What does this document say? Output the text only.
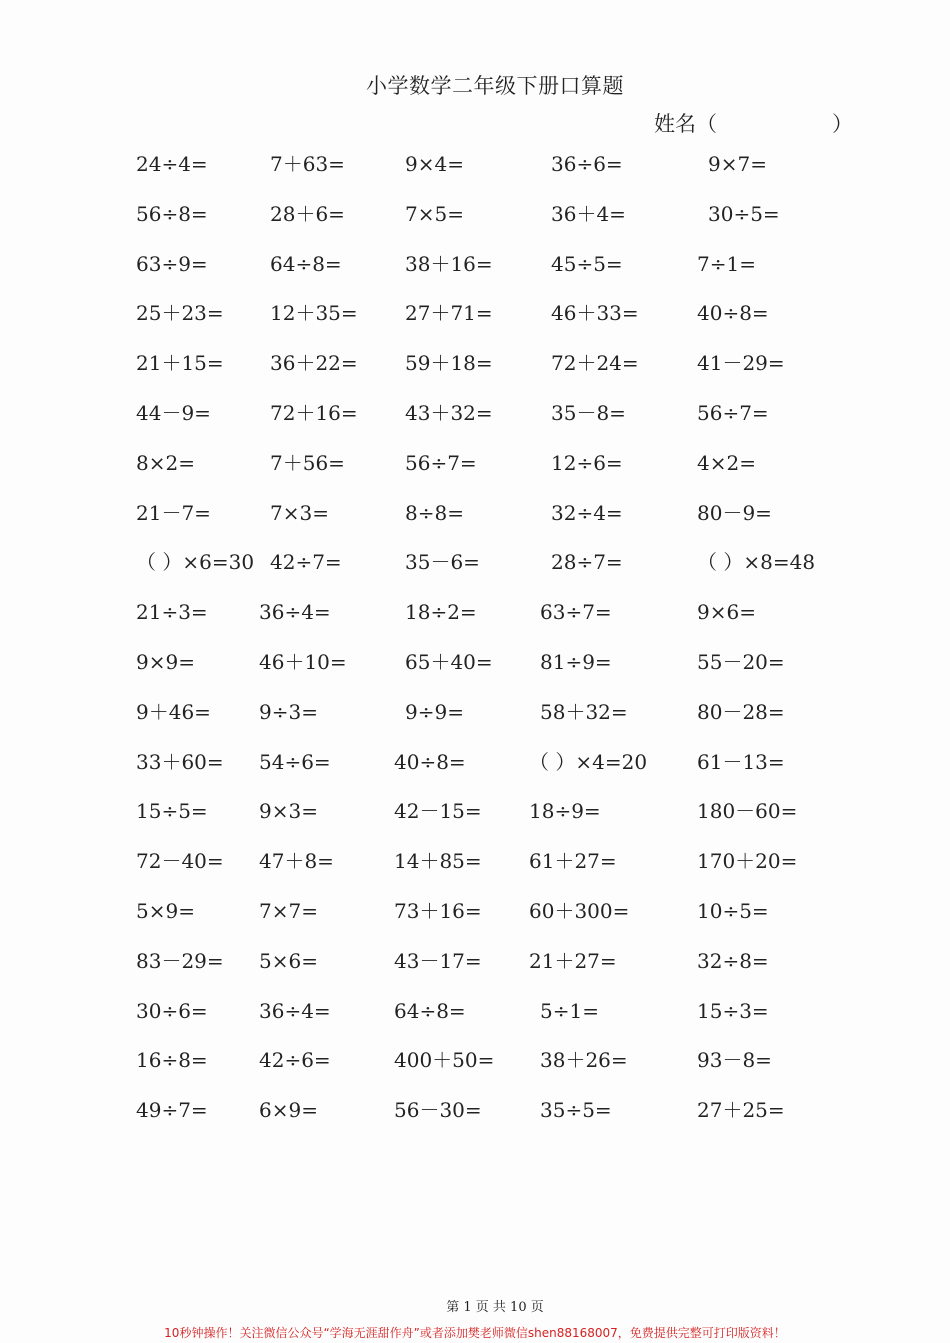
小学数学二年级下册口算题
姓名（	）
24÷4=	7＋63=	9×4=	36÷6=	9×7=
56÷8=	28＋6=	7×5=	36＋4=	30÷5=
63÷9=	64÷8=	38＋16=	45÷5=	7÷1=
25＋23= 12＋35= 27＋71=	46＋33=	40÷8=
21＋15= 36＋22= 59＋18=	72＋24=	41－29=
44－9=	72＋16= 43＋32=	35－8=	56÷7=
8×2=	7＋56=	56÷7=	12÷6=	4×2=
21－7=	7×3=	8÷8=	32÷4=	80－9=
（ ）×6=30 42÷7=	35－6=	28÷7=	（ ）×8=48
21÷3=	36÷4=	18÷2=	63÷7=	9×6=
9×9=	46＋10=	65＋40= 81÷9=	55－20=
9＋46= 9÷3=	9÷9=	58＋32=	80－28=
33＋60= 54÷6=	40÷8=	（ ）×4=20 61－13=
15÷5=	9×3=	42－15= 18÷9=	180－60=
72－40= 47＋8=	14＋85= 61＋27=	170＋20=
5×9=	7×7=	73＋16= 60＋300=	10÷5=
83－29= 5×6=	43－17= 21＋27=	32÷8=
30÷6=	36÷4=	64÷8=	5÷1=	15÷3=
16÷8=	42÷6=	400＋50= 38＋26=	93－8=
49÷7=	6×9=	56－30=	35÷5=	27＋25=
第 1 页 共 10 页
10秒钟操作！关注微信公众号“学海无涯甜作舟”或者添加樊老师微信shen88168007，免费提供完整可打印版资料！
